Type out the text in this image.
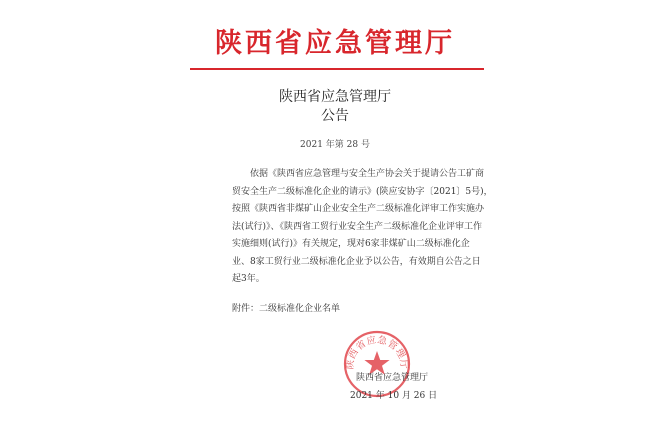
陕西省应急管理厅
陕西省应急管理厅
公告
2021 年第 28 号
　　依据《陕西省应急管理与安全生产协会关于提请公告工矿商
贸安全生产二级标准化企业的请示》(陕应安协字〔2021〕5号)，
按照《陕西省非煤矿山企业安全生产二级标准化评审工作实施办
法(试行)》、《陕西省工贸行业安全生产二级标准化企业评审工作
实施细则(试行)》有关规定，现对6家非煤矿山二级标准化企
业、8家工贸行业二级标准化企业予以公告，有效期自公告之日
起3年。
附件：二级标准化企业名单
陕西省应急管理厅
陕西省应急管理厅
2021 年 10 月 26 日
